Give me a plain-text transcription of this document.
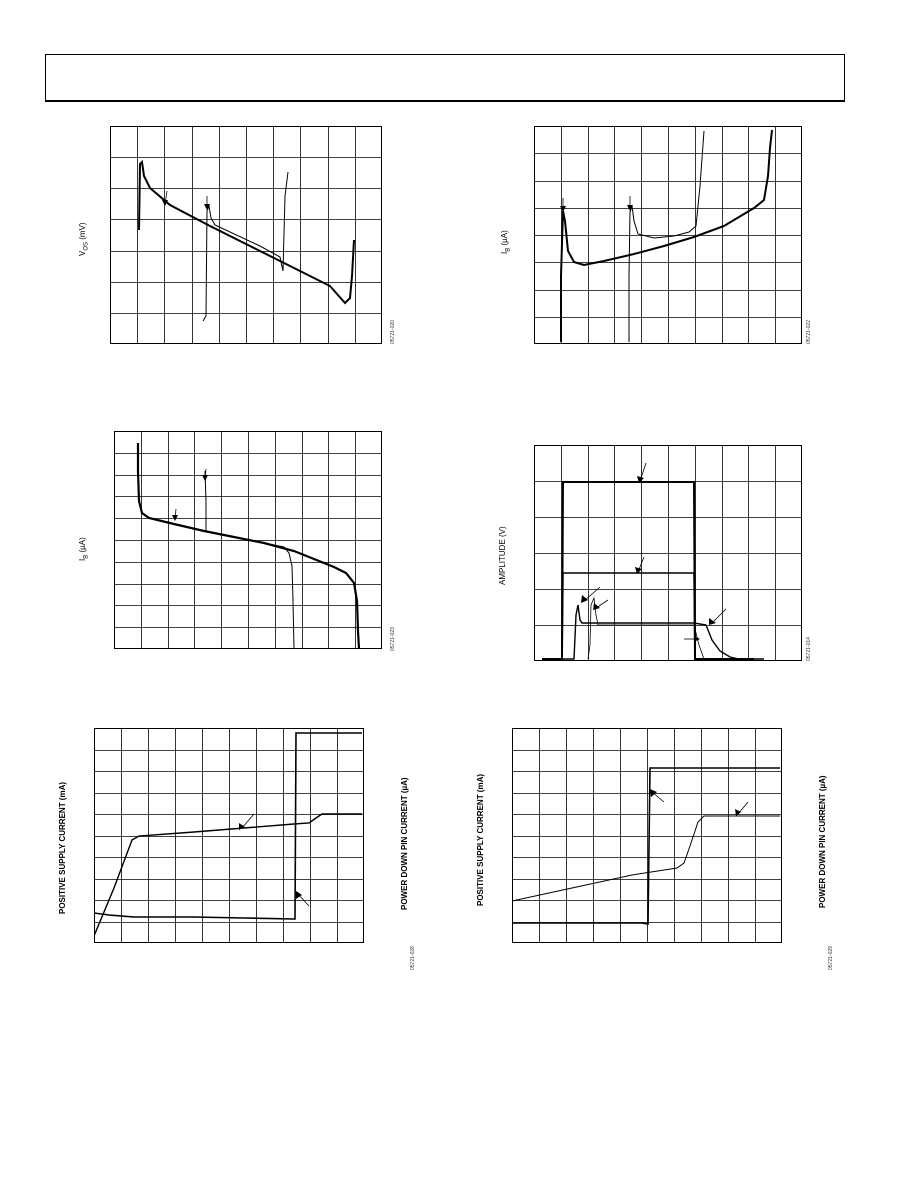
$V_{OS}$ (mV)
05721-020
$I_B$ (µA)
05721-022
$I_B$ (µA)
05721-023
AMPLITUDE (V)
05721-014
POSITIVE SUPPLY CURRENT (mA)	POWER DOWN PIN CURRENT (µA)
05721-028
POSITIVE SUPPLY CURRENT (mA)	POWER DOWN PIN CURRENT (µA)
05721-029
